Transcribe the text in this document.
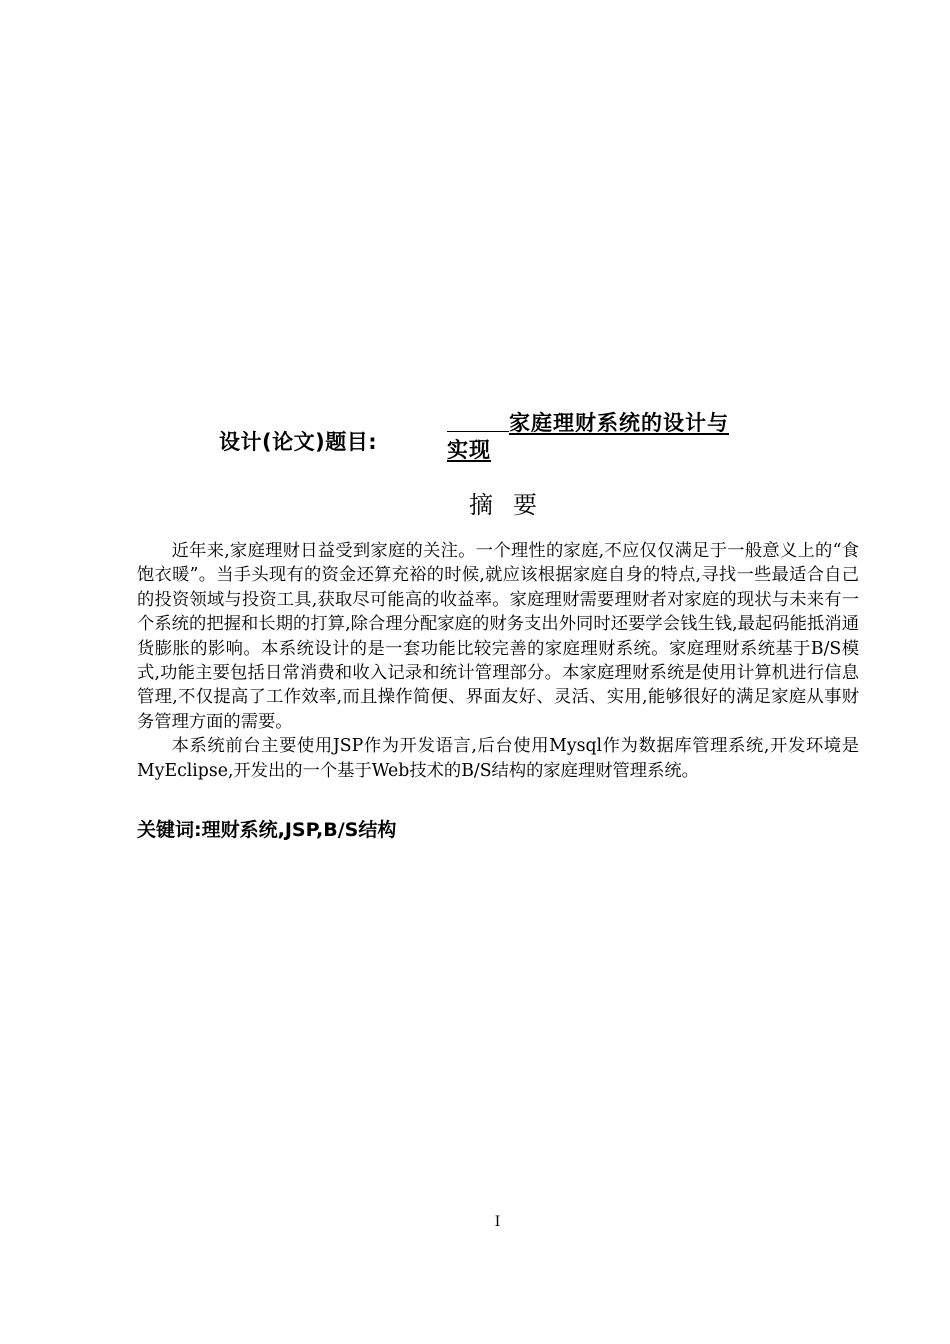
设计(论文)题目:
家庭理财系统的设计与
实现
摘要

近年来,家庭理财日益受到家庭的关注。一个理性的家庭,不应仅仅满足于一般意义上的“食饱衣暖”。当手头现有的资金还算充裕的时候,就应该根据家庭自身的特点,寻找一些最适合自己的投资领域与投资工具,获取尽可能高的收益率。家庭理财需要理财者对家庭的现状与未来有一个系统的把握和长期的打算,除合理分配家庭的财务支出外同时还要学会钱生钱,最起码能抵消通货膨胀的影响。本系统设计的是一套功能比较完善的家庭理财系统。家庭理财系统基于B/S模式,功能主要包括日常消费和收入记录和统计管理部分。本家庭理财系统是使用计算机进行信息管理,不仅提高了工作效率,而且操作简便、界面友好、灵活、实用,能够很好的满足家庭从事财务管理方面的需要。

本系统前台主要使用JSP作为开发语言,后台使用Mysql作为数据库管理系统,开发环境是MyEclipse,开发出的一个基于Web技术的B/S结构的家庭理财管理系统。

关键词:理财系统,JSP,B/S结构
I
